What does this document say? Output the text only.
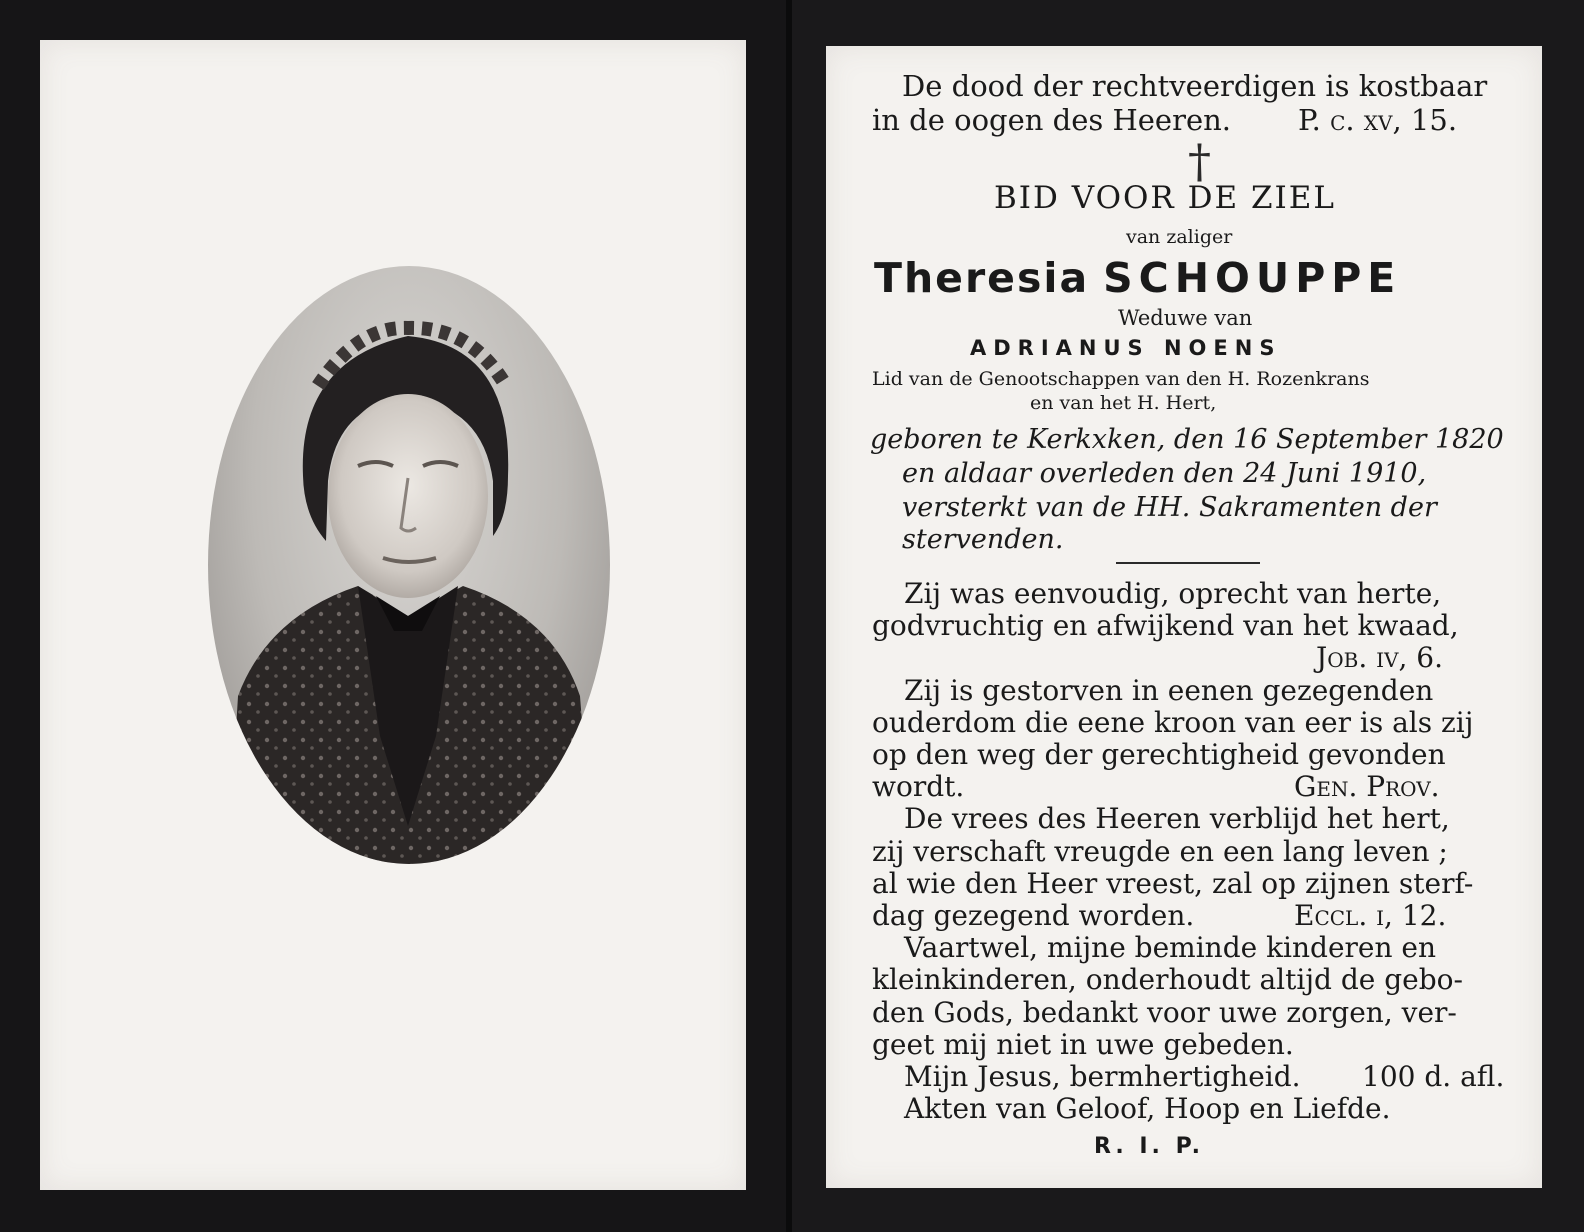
De dood der rechtveerdigen is kostbaar
in de oogen des Heeren. P. c. xv, 15.
†
BID VOOR DE ZIEL
van zaliger
Theresia SCHOUPPE
Weduwe van
ADRIANUS NOENS
Lid van de Genootschappen van den H. Rozenkrans
en van het H. Hert,
geboren te Kerkxken, den 16 September 1820
en aldaar overleden den 24 Juni 1910,
versterkt van de HH. Sakramenten der
stervenden.
Zij was eenvoudig, oprecht van herte,
godvruchtig en afwijkend van het kwaad,
Job. iv, 6.
Zij is gestorven in eenen gezegenden
ouderdom die eene kroon van eer is als zij
op den weg der gerechtigheid gevonden
wordt.	Gen. Prov.
De vrees des Heeren verblijd het hert,
zij verschaft vreugde en een lang leven ;
al wie den Heer vreest, zal op zijnen sterf-
dag gezegend worden.	Eccl. i, 12.
Vaartwel, mijne beminde kinderen en
kleinkinderen, onderhoudt altijd de gebo-
den Gods, bedankt voor uwe zorgen, ver-
geet mij niet in uwe gebeden.
Mijn Jesus, bermhertigheid. 100 d. afl.
Akten van Geloof, Hoop en Liefde.
R. I. P.
